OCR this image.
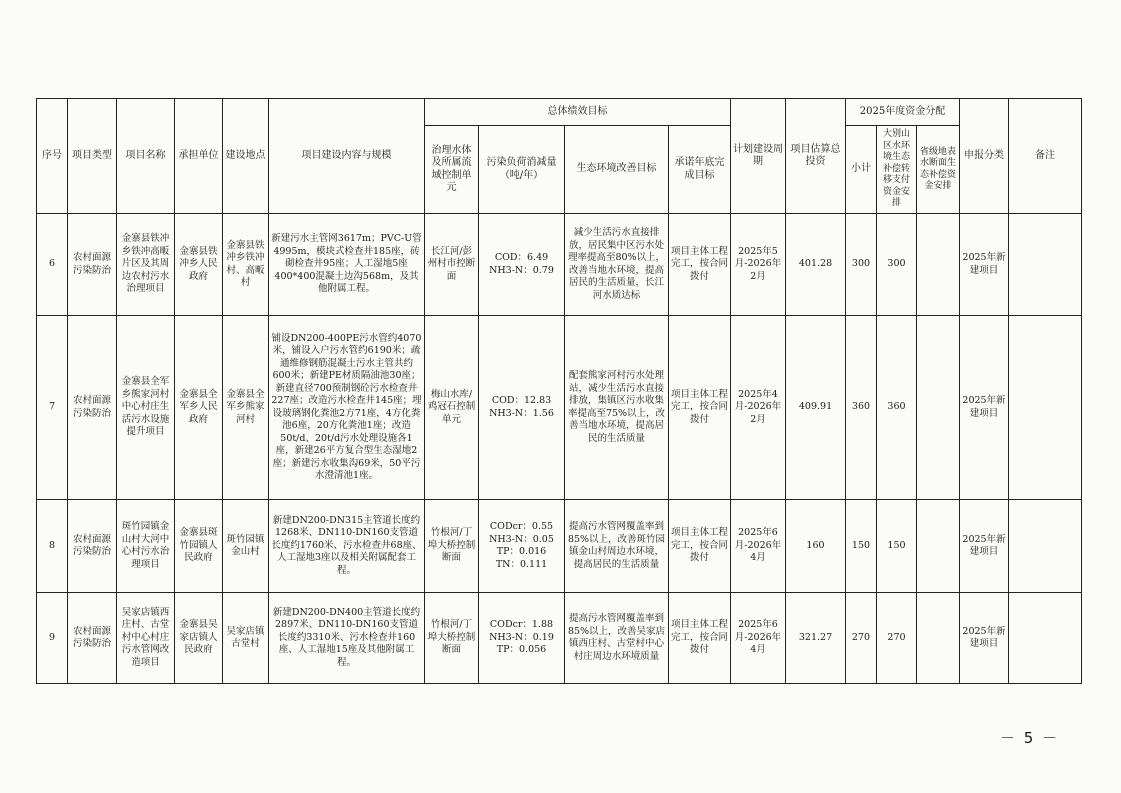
序号	项目类型	项目名称	承担单位	建设地点	项目建设内容与规模	总体绩效目标				计划建设周期	项目估算总投资	2025年度资金分配			申报分类	备注
						治理水体及所属流域控制单元	污染负荷消减量（吨/年）	生态环境改善目标	承诺年底完成目标			小计	大别山区水环境生态补偿转移支付资金安排	省级地表水断面生态补偿资金安排		
6	农村面源污染防治	金寨县铁冲乡铁冲高畈片区及其周边农村污水治理项目	金寨县铁冲乡人民政府	金寨县铁冲乡铁冲村、高畈村	新建污水主管网3617m；PVC-U管4995m，模块式检查井185座，砖砌检查井95座；人工湿地5座400*400混凝土边沟568m，及其他附属工程。	长江河/彭州村市控断面	COD：6.49
NH3-N：0.79	减少生活污水直接排放，居民集中区污水处理率提高至80%以上，改善当地水环境，提高居民的生活质量，长江河水质达标	项目主体工程完工，按合同拨付	2025年5月-2026年2月	401.28	300	300		2025年新建项目	
7	农村面源污染防治	金寨县全军乡熊家河村中心村庄生活污水设施提升项目	金寨县全军乡人民政府	金寨县全军乡熊家河村	铺设DN200-400PE污水管约4070米，铺设入户污水管约6190米；疏通维修钢筋混凝土污水主管共约600米；新建PE材质隔油池30座；新建直径700预制钢砼污水检查井227座；改造污水检查井145座；埋设玻璃钢化粪池2方71座，4方化粪池6座，20方化粪池1座；改造50t/d、20t/d污水处理设施各1座，新建26平方复合型生态湿地2座；新建污水收集沟69米，50平污水澄清池1座。	梅山水库/鸡冠石控制单元	COD：12.83
NH3-N：1.56	配套熊家河村污水处理站，减少生活污水直接排放，集镇区污水收集率提高至75%以上，改善当地水环境，提高居民的生活质量	项目主体工程完工，按合同拨付	2025年4月-2026年2月	409.91	360	360		2025年新建项目	
8	农村面源污染防治	斑竹园镇金山村大河中心村污水治理项目	金寨县斑竹园镇人民政府	斑竹园镇金山村	新建DN200-DN315主管道长度约1268米、DN110-DN160支管道长度约1760米、污水检查井68座、人工湿地3座以及相关附属配套工程。	竹根河/丁埠大桥控制断面	CODcr：0.55
NH3-N：0.05
TP：0.016
TN：0.111	提高污水管网覆盖率到85%以上，改善斑竹园镇金山村周边水环境，提高居民的生活质量	项目主体工程完工，按合同拨付	2025年6月-2026年4月	160	150	150		2025年新建项目	
9	农村面源污染防治	吴家店镇西庄村、古堂村中心村庄污水管网改造项目	金寨县吴家店镇人民政府	吴家店镇古堂村	新建DN200-DN400主管道长度约2897米、DN110-DN160支管道长度约3310米、污水检查井160座、人工湿地15座及其他附属工程。	竹根河/丁埠大桥控制断面	CODcr：1.88
NH3-N：0.19
TP：0.056	提高污水管网覆盖率到85%以上，改善吴家店镇西庄村、古堂村中心村庄周边水环境质量	项目主体工程完工，按合同拨付	2025年6月-2026年4月	321.27	270	270		2025年新建项目	
－ 5 －
